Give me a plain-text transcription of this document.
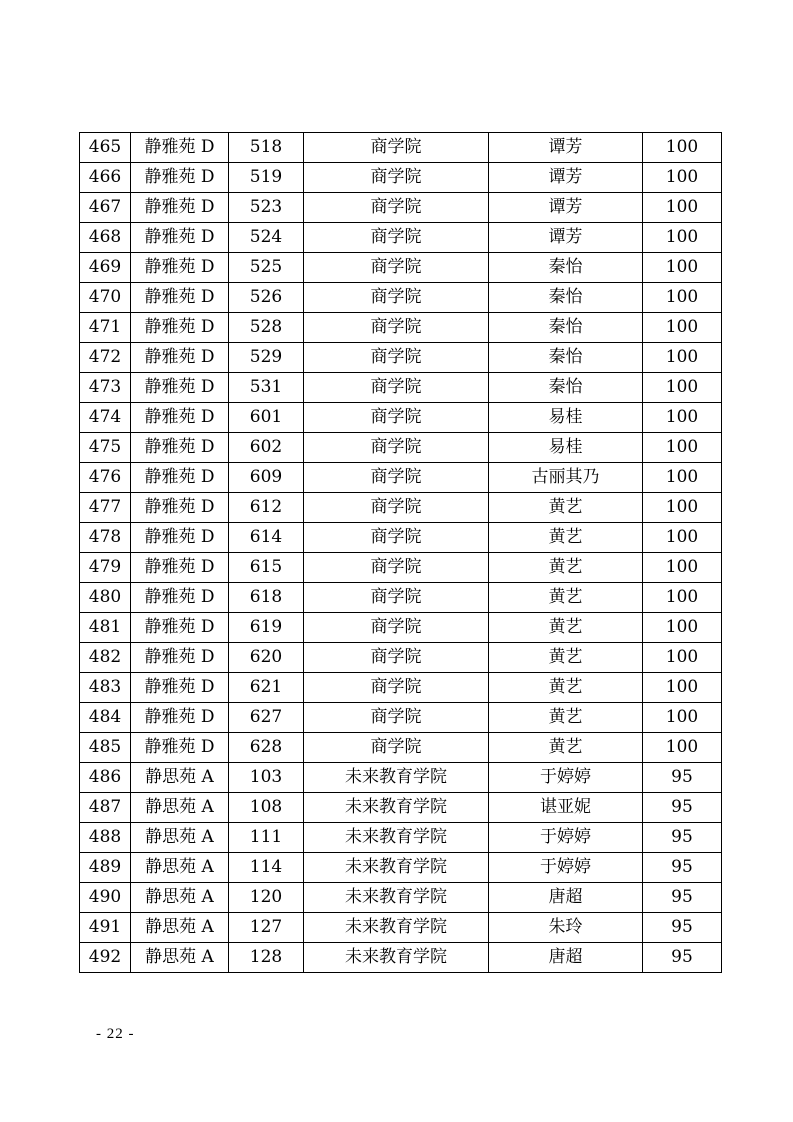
465	静雅苑 D	518	商学院	谭芳	100
466	静雅苑 D	519	商学院	谭芳	100
467	静雅苑 D	523	商学院	谭芳	100
468	静雅苑 D	524	商学院	谭芳	100
469	静雅苑 D	525	商学院	秦怡	100
470	静雅苑 D	526	商学院	秦怡	100
471	静雅苑 D	528	商学院	秦怡	100
472	静雅苑 D	529	商学院	秦怡	100
473	静雅苑 D	531	商学院	秦怡	100
474	静雅苑 D	601	商学院	易桂	100
475	静雅苑 D	602	商学院	易桂	100
476	静雅苑 D	609	商学院	古丽其乃	100
477	静雅苑 D	612	商学院	黄艺	100
478	静雅苑 D	614	商学院	黄艺	100
479	静雅苑 D	615	商学院	黄艺	100
480	静雅苑 D	618	商学院	黄艺	100
481	静雅苑 D	619	商学院	黄艺	100
482	静雅苑 D	620	商学院	黄艺	100
483	静雅苑 D	621	商学院	黄艺	100
484	静雅苑 D	627	商学院	黄艺	100
485	静雅苑 D	628	商学院	黄艺	100
486	静思苑 A	103	未来教育学院	于婷婷	95
487	静思苑 A	108	未来教育学院	谌亚妮	95
488	静思苑 A	111	未来教育学院	于婷婷	95
489	静思苑 A	114	未来教育学院	于婷婷	95
490	静思苑 A	120	未来教育学院	唐超	95
491	静思苑 A	127	未来教育学院	朱玲	95
492	静思苑 A	128	未来教育学院	唐超	95
- 22 -
